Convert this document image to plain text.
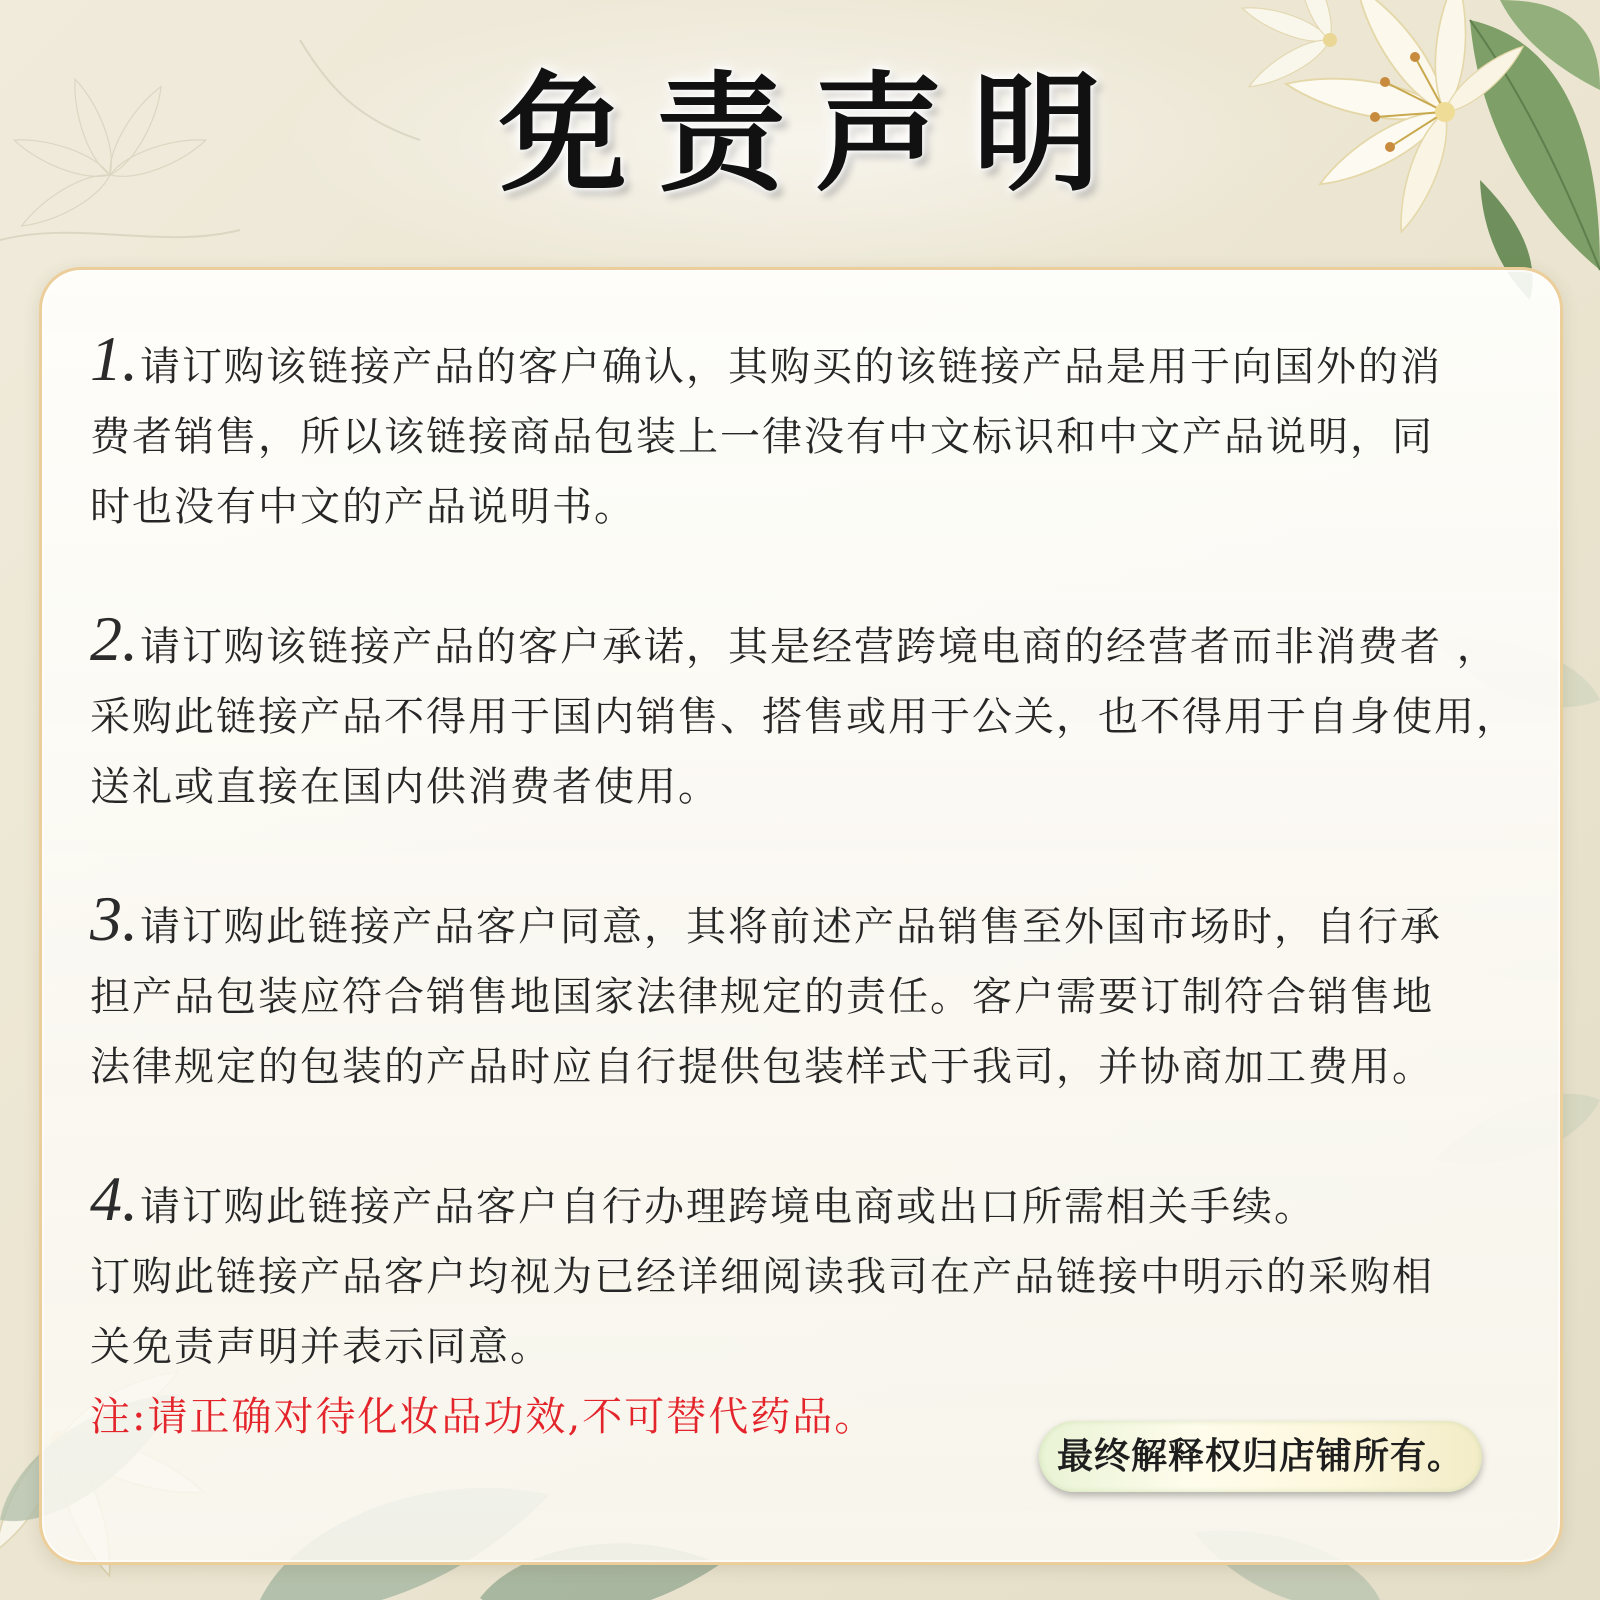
免责声明
1.请订购该链接产品的客户确认，其购买的该链接产品是用于向国外的消
费者销售，所以该链接商品包装上一律没有中文标识和中文产品说明，同
时也没有中文的产品说明书。
2.请订购该链接产品的客户承诺，其是经营跨境电商的经营者而非消费者 ，
采购此链接产品不得用于国内销售、搭售或用于公关，也不得用于自身使用，
送礼或直接在国内供消费者使用。
3.请订购此链接产品客户同意，其将前述产品销售至外国市场时，自行承
担产品包装应符合销售地国家法律规定的责任。客户需要订制符合销售地
法律规定的包装的产品时应自行提供包装样式于我司，并协商加工费用。
4.请订购此链接产品客户自行办理跨境电商或出口所需相关手续。
订购此链接产品客户均视为已经详细阅读我司在产品链接中明示的采购相
关免责声明并表示同意。
注:请正确对待化妆品功效,不可替代药品。
最终解释权归店铺所有。
